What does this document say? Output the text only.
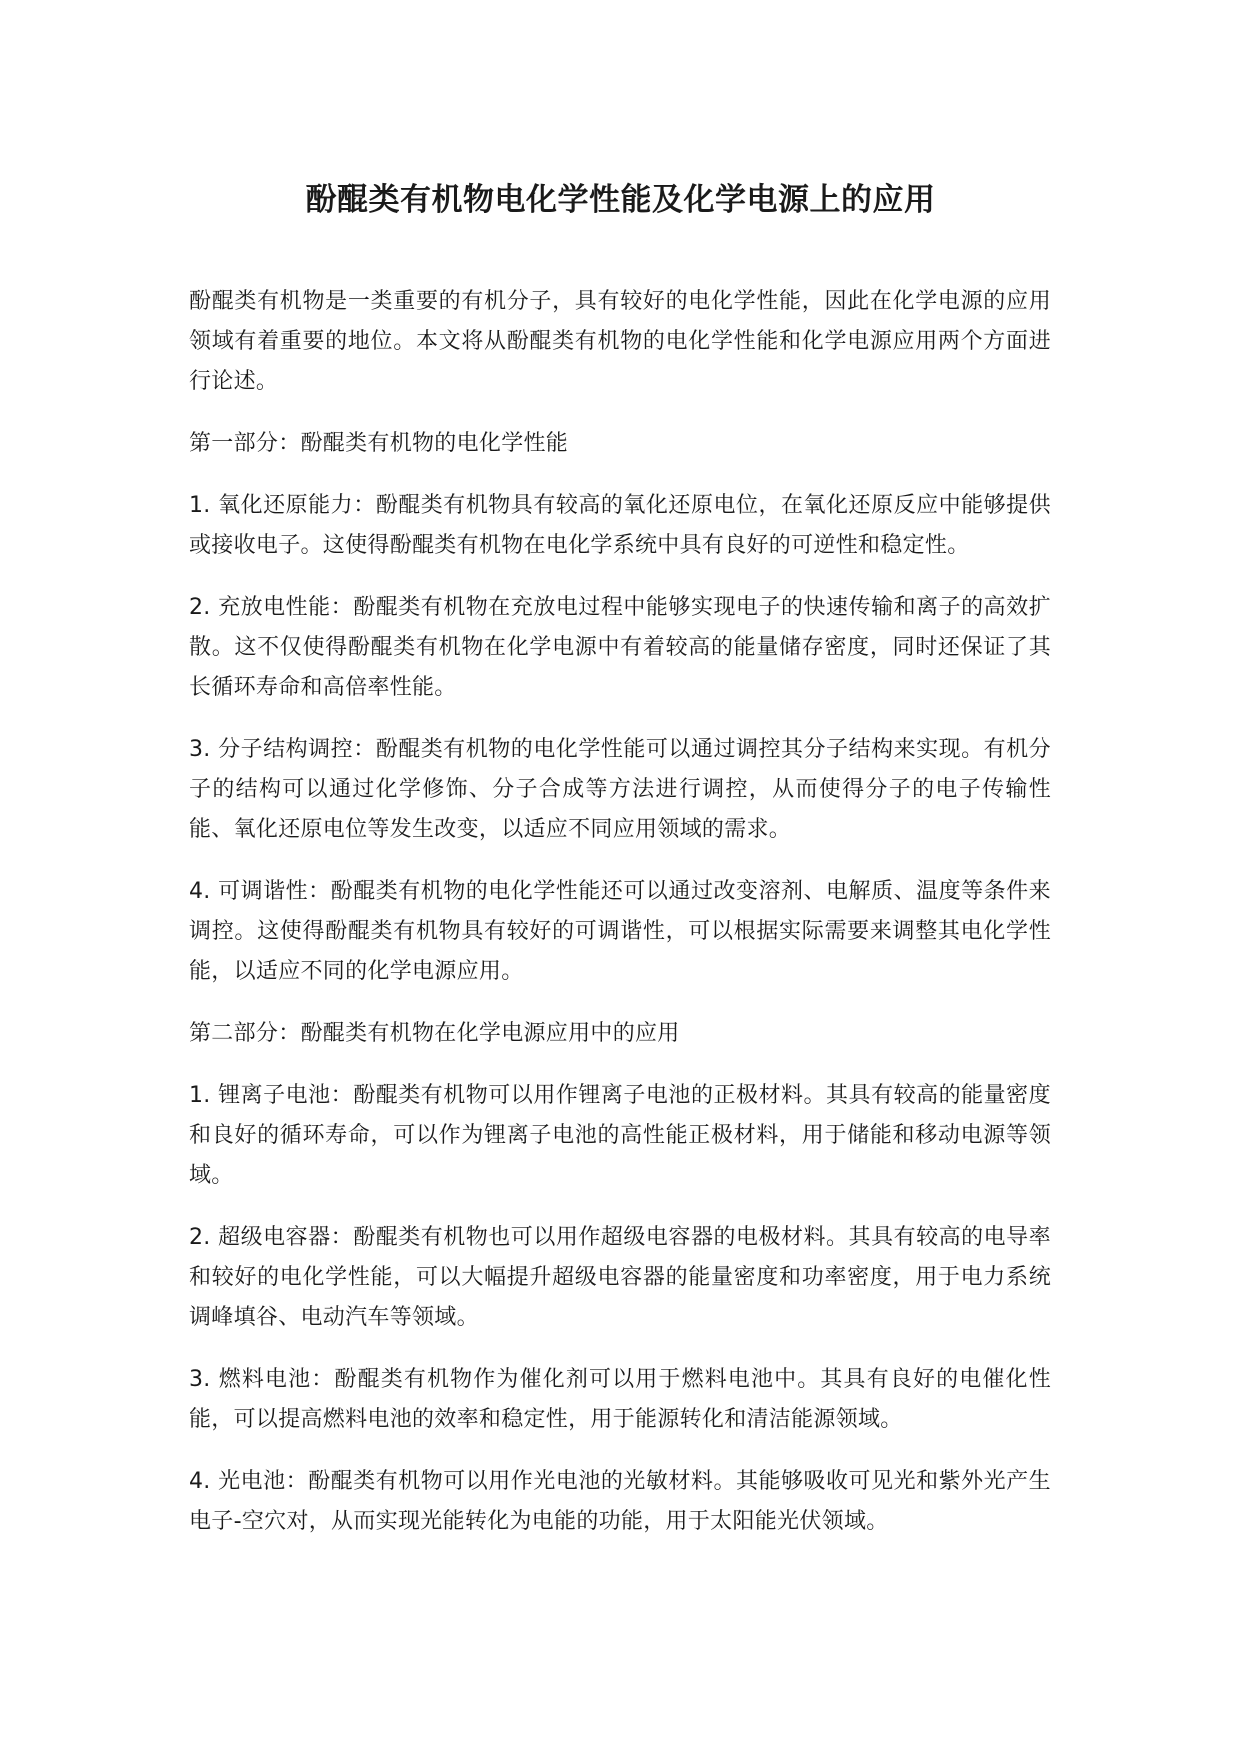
酚醌类有机物电化学性能及化学电源上的应用

酚醌类有机物是一类重要的有机分子，具有较好的电化学性能，因此在化学电源的应用领域有着重要的地位。本文将从酚醌类有机物的电化学性能和化学电源应用两个方面进行论述。

第一部分：酚醌类有机物的电化学性能

1. 氧化还原能力：酚醌类有机物具有较高的氧化还原电位，在氧化还原反应中能够提供或接收电子。这使得酚醌类有机物在电化学系统中具有良好的可逆性和稳定性。

2. 充放电性能：酚醌类有机物在充放电过程中能够实现电子的快速传输和离子的高效扩散。这不仅使得酚醌类有机物在化学电源中有着较高的能量储存密度，同时还保证了其长循环寿命和高倍率性能。

3. 分子结构调控：酚醌类有机物的电化学性能可以通过调控其分子结构来实现。有机分子的结构可以通过化学修饰、分子合成等方法进行调控，从而使得分子的电子传输性能、氧化还原电位等发生改变，以适应不同应用领域的需求。

4. 可调谐性：酚醌类有机物的电化学性能还可以通过改变溶剂、电解质、温度等条件来调控。这使得酚醌类有机物具有较好的可调谐性，可以根据实际需要来调整其电化学性能，以适应不同的化学电源应用。

第二部分：酚醌类有机物在化学电源应用中的应用

1. 锂离子电池：酚醌类有机物可以用作锂离子电池的正极材料。其具有较高的能量密度和良好的循环寿命，可以作为锂离子电池的高性能正极材料，用于储能和移动电源等领域。

2. 超级电容器：酚醌类有机物也可以用作超级电容器的电极材料。其具有较高的电导率和较好的电化学性能，可以大幅提升超级电容器的能量密度和功率密度，用于电力系统调峰填谷、电动汽车等领域。

3. 燃料电池：酚醌类有机物作为催化剂可以用于燃料电池中。其具有良好的电催化性能，可以提高燃料电池的效率和稳定性，用于能源转化和清洁能源领域。

4. 光电池：酚醌类有机物可以用作光电池的光敏材料。其能够吸收可见光和紫外光产生电子-空穴对，从而实现光能转化为电能的功能，用于太阳能光伏领域。
